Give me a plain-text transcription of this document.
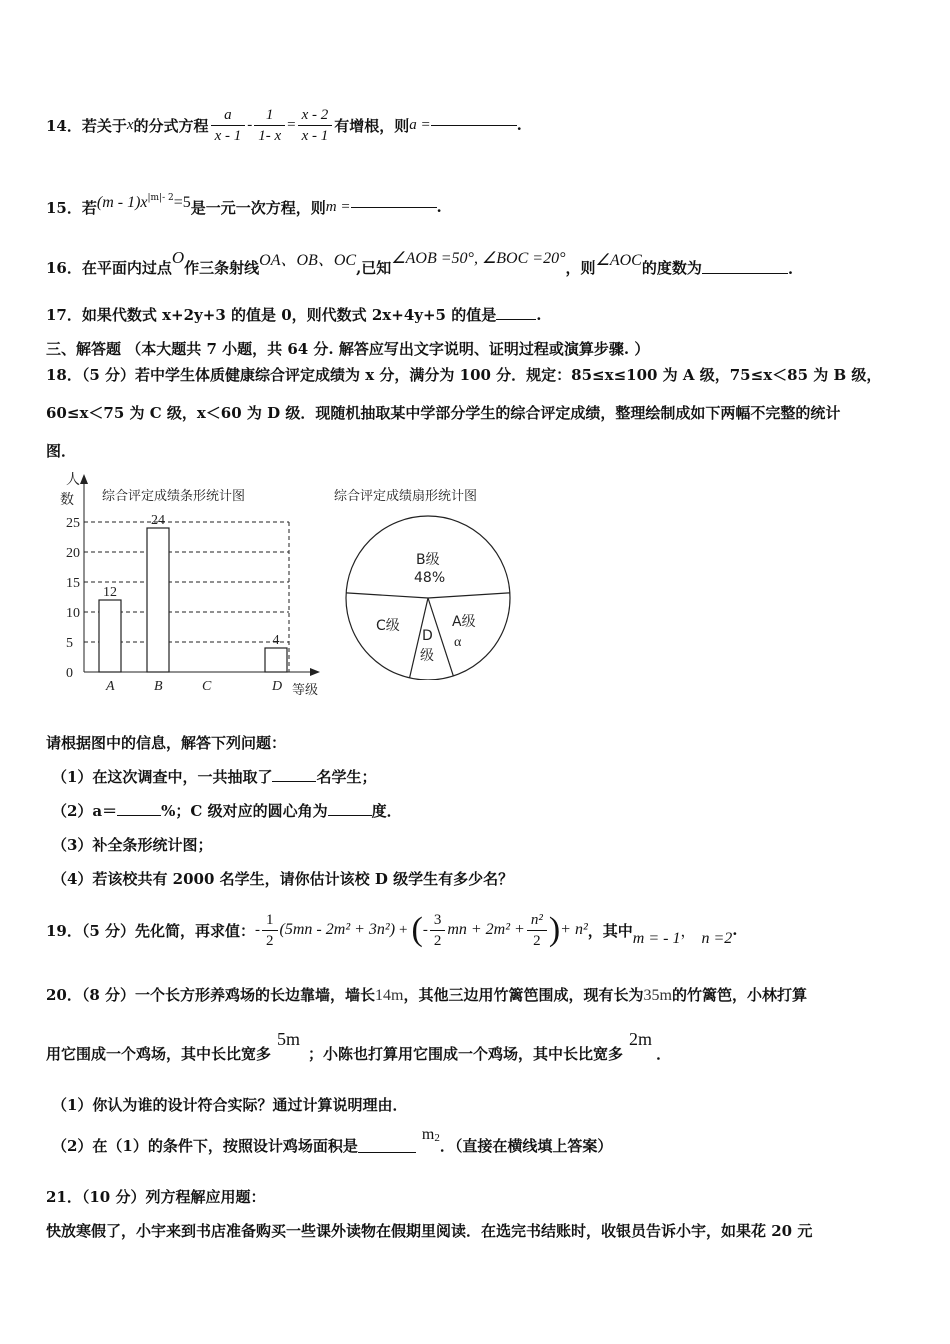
14．若关于 x 的分式方程 $\frac{a}{x - 1} - \frac{1}{1- x} = \frac{x - 2}{x - 1}$ 有增根，则 a =	.
15．若 (m - 1)x |m|- 2 =5 是一元一次方程，则 m =	.
16．在平面内过点
O
作三条射线 OA、OB、OC ,已知
∠AOB =50°, ∠BOC =20°
，则 ∠AOC 的度数为	.
17．如果代数式 x+2y+3 的值是 0，则代数式 2x+4y+5 的值是	.
三、解答题 （本大题共 7 小题，共 64 分. 解答应写出文字说明、证明过程或演算步骤. ）
18．（5 分）若中学生体质健康综合评定成绩为 x 分，满分为 100 分．规定：85≤x≤100 为 A 级，75≤x＜85 为 B 级，
60≤x＜75 为 C 级，x＜60 为 D 级．现随机抽取某中学部分学生的综合评定成绩，整理绘制成如下两幅不完整的统计
图．
人
数 综合评定成绩条形统计图
等级
0
5
10
15
20
25
A
12
B
24
C	D
4
综合评定成绩扇形统计图
B级
48%
C级
D
级
A级
α
请根据图中的信息，解答下列问题：
（1）在这次调查中，一共抽取了	名学生；
（2）a＝	%；C 级对应的圆心角为	度．
（3）补全条形统计图；
（4）若该校共有 2000 名学生，请你估计该校 D 级学生有多少名？
19．（5 分）先化简，再求值： - $\frac{1}{2} (5mn - 2m^2 + 3n^2)$ + ( - $\frac{3}{2}$ mn + $2m^2 + \frac{\text{n²}}{2}$ ) + n² ，其中 m = - 1 ， n =2 .
20．（8 分）一个长方形养鸡场的长边靠墙，墙长14m，其他三边用竹篱笆围成，现有长为35m的竹篱笆，小林打算
用它围成一个鸡场，其中长比宽多
5m
；小陈也打算用它围成一个鸡场，其中长比宽多
2m
．
（1）你认为谁的设计符合实际？通过计算说明理由．
（2）在（1）的条件下，按照设计鸡场面积是
m 2 ．（直接在横线填上答案）
21．（10 分）列方程解应用题：
快放寒假了，小宇来到书店准备购买一些课外读物在假期里阅读．在选完书结账时，收银员告诉小宇，如果花 20 元
